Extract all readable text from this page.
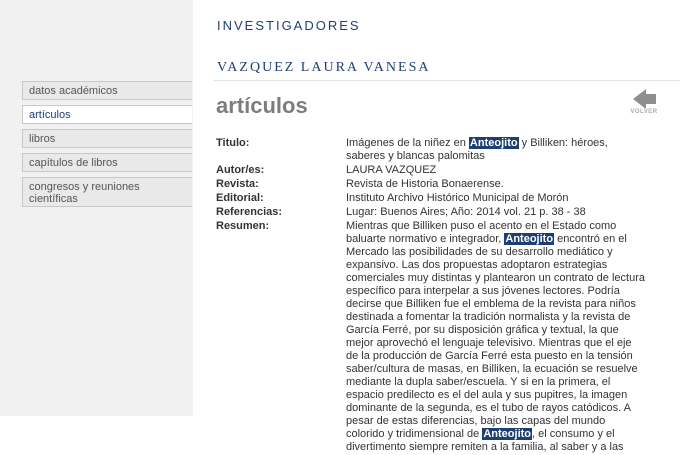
datos académicos
artículos
libros
capítulos de libros
congresos y reuniones científicas
INVESTIGADORES
VAZQUEZ LAURA VANESA
artículos	VOLVER
Titulo:	Imágenes de la niñez en Anteojito y Billiken: héroes, saberes y blancas palomitas
Autor/es:	LAURA VAZQUEZ
Revista:	Revista de Historia Bonaerense.
Editorial:	Instituto Archivo Histórico Municipal de Morón
Referencias:	Lugar: Buenos Aires; Año: 2014 vol. 21 p. 38 - 38
Resumen:	Mientras que Billiken puso el acento en el Estado como baluarte normativo e integrador, Anteojito encontró en el Mercado las posibilidades de su desarrollo mediático y expansivo. Las dos propuestas adoptaron estrategias comerciales muy distintas y plantearon un contrato de lectura específico para interpelar a sus jóvenes lectores. Podría decirse que Billiken fue el emblema de la revista para niños destinada a fomentar la tradición normalista y la revista de García Ferré, por su disposición gráfica y textual, la que mejor aprovechó el lenguaje televisivo. Mientras que el eje de la producción de García Ferré esta puesto en la tensión saber/cultura de masas, en Billiken, la ecuación se resuelve mediante la dupla saber/escuela. Y si en la primera, el espacio predilecto es el del aula y sus pupitres, la imagen dominante de la segunda, es el tubo de rayos catódicos. A pesar de estas diferencias, bajo las capas del mundo colorido y tridimensional de Anteojito, el consumo y el divertimento siempre remiten a la familia, al saber y a las
